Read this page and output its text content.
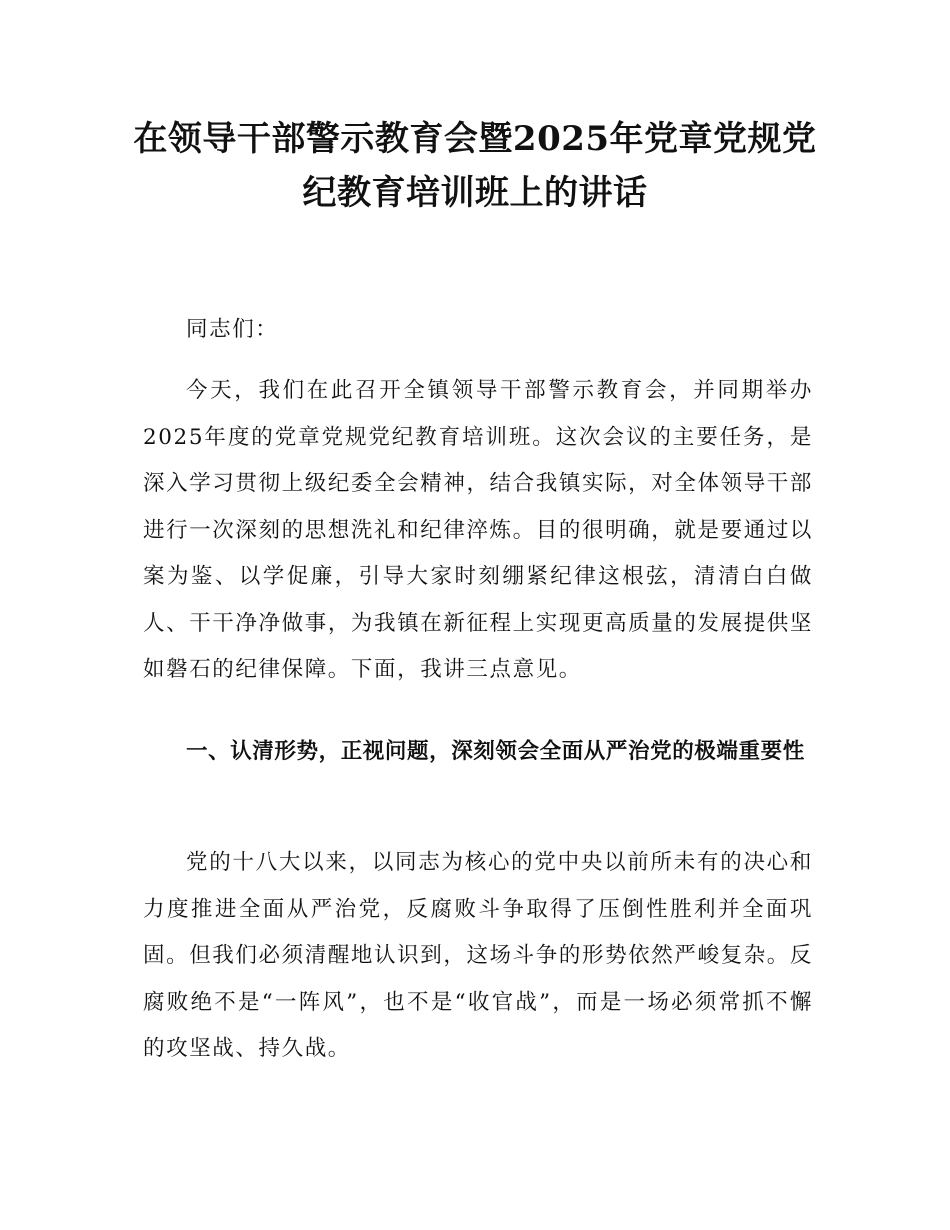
在领导干部警示教育会暨2025年党章党规党
纪教育培训班上的讲话

同志们：

今天，我们在此召开全镇领导干部警示教育会，并同期举办2025年度的党章党规党纪教育培训班。这次会议的主要任务，是深入学习贯彻上级纪委全会精神，结合我镇实际，对全体领导干部进行一次深刻的思想洗礼和纪律淬炼。目的很明确，就是要通过以案为鉴、以学促廉，引导大家时刻绷紧纪律这根弦，清清白白做人、干干净净做事，为我镇在新征程上实现更高质量的发展提供坚如磐石的纪律保障。下面，我讲三点意见。

一、认清形势，正视问题，深刻领会全面从严治党的极端重要性

党的十八大以来，以同志为核心的党中央以前所未有的决心和力度推进全面从严治党，反腐败斗争取得了压倒性胜利并全面巩固。但我们必须清醒地认识到，这场斗争的形势依然严峻复杂。反腐败绝不是“一阵风”，也不是“收官战”，而是一场必须常抓不懈的攻坚战、持久战。
